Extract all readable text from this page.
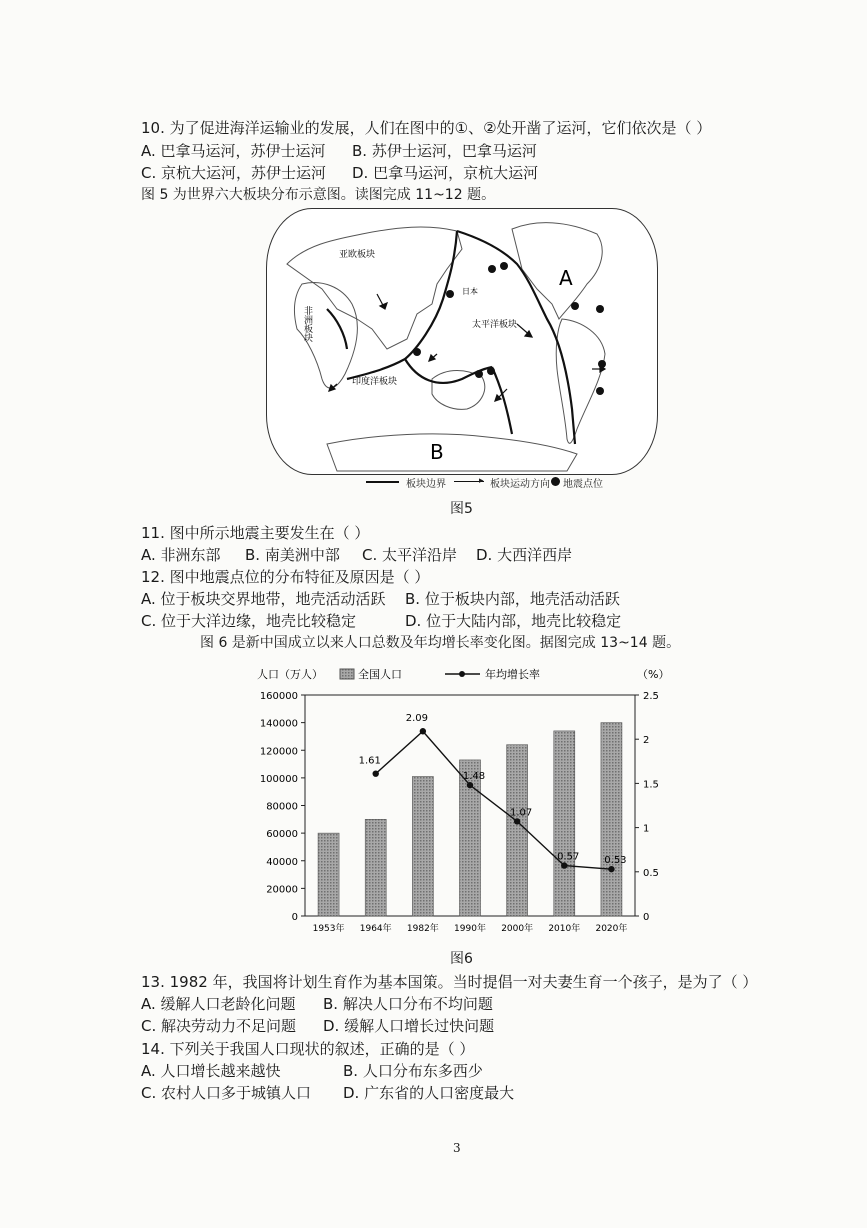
10. 为了促进海洋运输业的发展，人们在图中的①、②处开凿了运河，它们依次是（ ）
A. 巴拿马运河，苏伊士运河 B. 苏伊士运河，巴拿马运河
C. 京杭大运河，苏伊士运河 D. 巴拿马运河，京杭大运河
图 5 为世界六大板块分布示意图。读图完成 11~12 题。
亚欧板块
非洲板块	太平洋板块
印度洋板块
日本
A
B
板块边界	▸ 板块运动方向 地震点位
图5
11. 图中所示地震主要发生在（ ）
A. 非洲东部 B. 南美洲中部 C. 太平洋沿岸 D. 大西洋西岸
12. 图中地震点位的分布特征及原因是（ ）
A. 位于板块交界地带，地壳活动活跃 B. 位于板块内部，地壳活动活跃
C. 位于大洋边缘，地壳比较稳定	D. 位于大陆内部，地壳比较稳定
图 6 是新中国成立以来人口总数及年均增长率变化图。据图完成 13~14 题。
全国人口	年均增长率
0
20000
40000
60000
80000
100000
120000
140000
160000
0
0.5
1
1.5
2
2.5
1953年 1964年 1982年 1990年 2000年 2010年 2020年
人口（万人）	（%）
1.61
2.09
1.48
1.07
0.57 0.53
图6
13. 1982 年，我国将计划生育作为基本国策。当时提倡一对夫妻生育一个孩子，是为了（ ）
A. 缓解人口老龄化问题 B. 解决人口分布不均问题
C. 解决劳动力不足问题 D. 缓解人口增长过快问题
14. 下列关于我国人口现状的叙述，正确的是（ ）
A. 人口增长越来越快	B. 人口分布东多西少
C. 农村人口多于城镇人口 D. 广东省的人口密度最大
3
